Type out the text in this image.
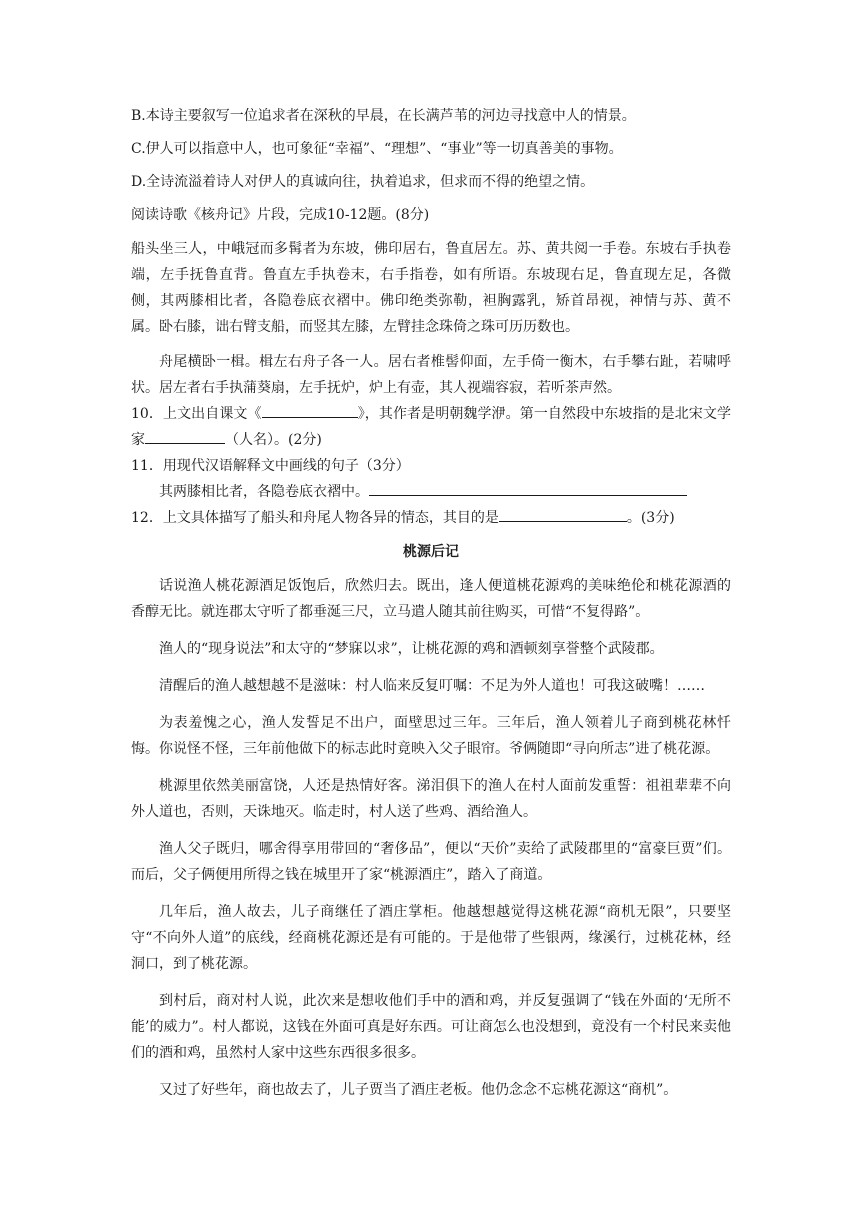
B.本诗主要叙写一位追求者在深秋的早晨，在长满芦苇的河边寻找意中人的情景。
C.伊人可以指意中人，也可象征“幸福”、“理想”、“事业”等一切真善美的事物。
D.全诗流溢着诗人对伊人的真诚向往，执着追求，但求而不得的绝望之情。
阅读诗歌《核舟记》片段，完成10-12题。(8分)
船头坐三人，中峨冠而多髯者为东坡，佛印居右，鲁直居左。苏、黄共阅一手卷。东坡右手执卷端，左手抚鲁直背。鲁直左手执卷末，右手指卷，如有所语。东坡现右足，鲁直现左足，各微侧，其两膝相比者，各隐卷底衣褶中。佛印绝类弥勒，袒胸露乳，矫首昂视，神情与苏、黄不属。卧右膝，诎右臂支船，而竖其左膝，左臂挂念珠倚之珠可历历数也。
舟尾横卧一楫。楫左右舟子各一人。居右者椎髻仰面，左手倚一衡木，右手攀右趾，若啸呼状。居左者右手执蒲葵扇，左手抚炉，炉上有壶，其人视端容寂，若听茶声然。
10．上文出自课文《	》，其作者是明朝魏学洢。第一自然段中东坡指的是北宋文学家	（人名）。(2分)
11．用现代汉语解释文中画线的句子（3分）
其两膝相比者，各隐卷底衣褶中。
12．上文具体描写了船头和舟尾人物各异的情态，其目的是	。(3分)
桃源后记
话说渔人桃花源酒足饭饱后，欣然归去。既出，逢人便道桃花源鸡的美味绝伦和桃花源酒的香醇无比。就连郡太守听了都垂涎三尺，立马遣人随其前往购买，可惜“不复得路”。
渔人的“现身说法”和太守的“梦寐以求”，让桃花源的鸡和酒顿刻享誉整个武陵郡。
清醒后的渔人越想越不是滋味：村人临来反复叮嘱：不足为外人道也！可我这破嘴！……
为表羞愧之心，渔人发誓足不出户，面壁思过三年。三年后，渔人领着儿子商到桃花林忏悔。你说怪不怪，三年前他做下的标志此时竟映入父子眼帘。爷俩随即“寻向所志”进了桃花源。
桃源里依然美丽富饶，人还是热情好客。涕泪俱下的渔人在村人面前发重誓：祖祖辈辈不向外人道也，否则，天诛地灭。临走时，村人送了些鸡、酒给渔人。
渔人父子既归，哪舍得享用带回的“奢侈品”，便以“天价”卖给了武陵郡里的“富豪巨贾”们。而后，父子俩便用所得之钱在城里开了家“桃源酒庄”，踏入了商道。
几年后，渔人故去，儿子商继任了酒庄掌柜。他越想越觉得这桃花源“商机无限”，只要坚守“不向外人道”的底线，经商桃花源还是有可能的。于是他带了些银两，缘溪行，过桃花林，经洞口，到了桃花源。
到村后，商对村人说，此次来是想收他们手中的酒和鸡，并反复强调了“钱在外面的‘无所不能’的威力”。村人都说，这钱在外面可真是好东西。可让商怎么也没想到，竟没有一个村民来卖他们的酒和鸡，虽然村人家中这些东西很多很多。
又过了好些年，商也故去了，儿子贾当了酒庄老板。他仍念念不忘桃花源这“商机”。
